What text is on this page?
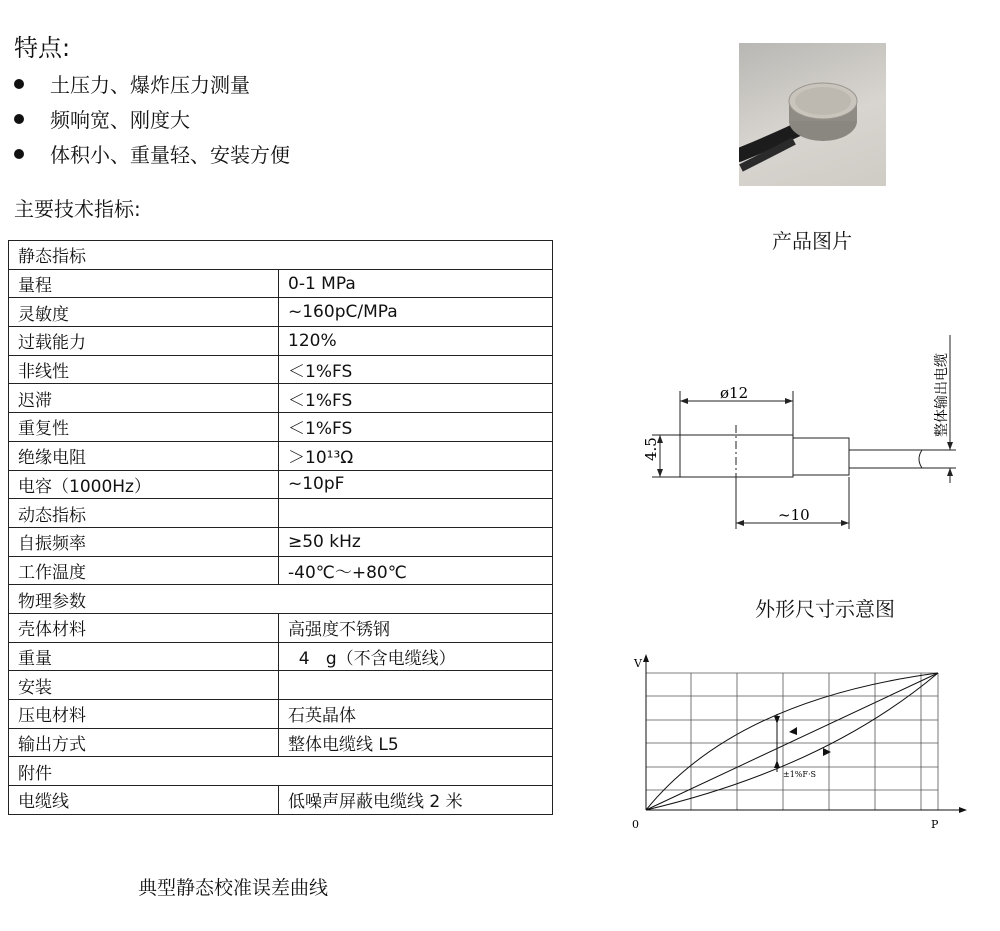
特点:
土压力、爆炸压力测量
频响宽、刚度大
体积小、重量轻、安装方便
主要技术指标:
静态指标	
量程	0-1 MPa
灵敏度	~160pC/MPa
过载能力	120%
非线性	＜1%FS
迟滞	＜1%FS
重复性	＜1%FS
绝缘电阻	＞10¹³Ω
电容（1000Hz）	~10pF
动态指标	
自振频率	≥50 kHz
工作温度	-40℃～+80℃
物理参数	
壳体材料	高强度不锈钢
重量	4   g（不含电缆线）
安装	
压电材料	石英晶体
输出方式	整体电缆线 L5
附件	
电缆线	低噪声屏蔽电缆线 2 米
产品图片
ø12
4.5
~10
整体输出电缆
外形尺寸示意图
V
P
0
±1%F·S
典型静态校准误差曲线
